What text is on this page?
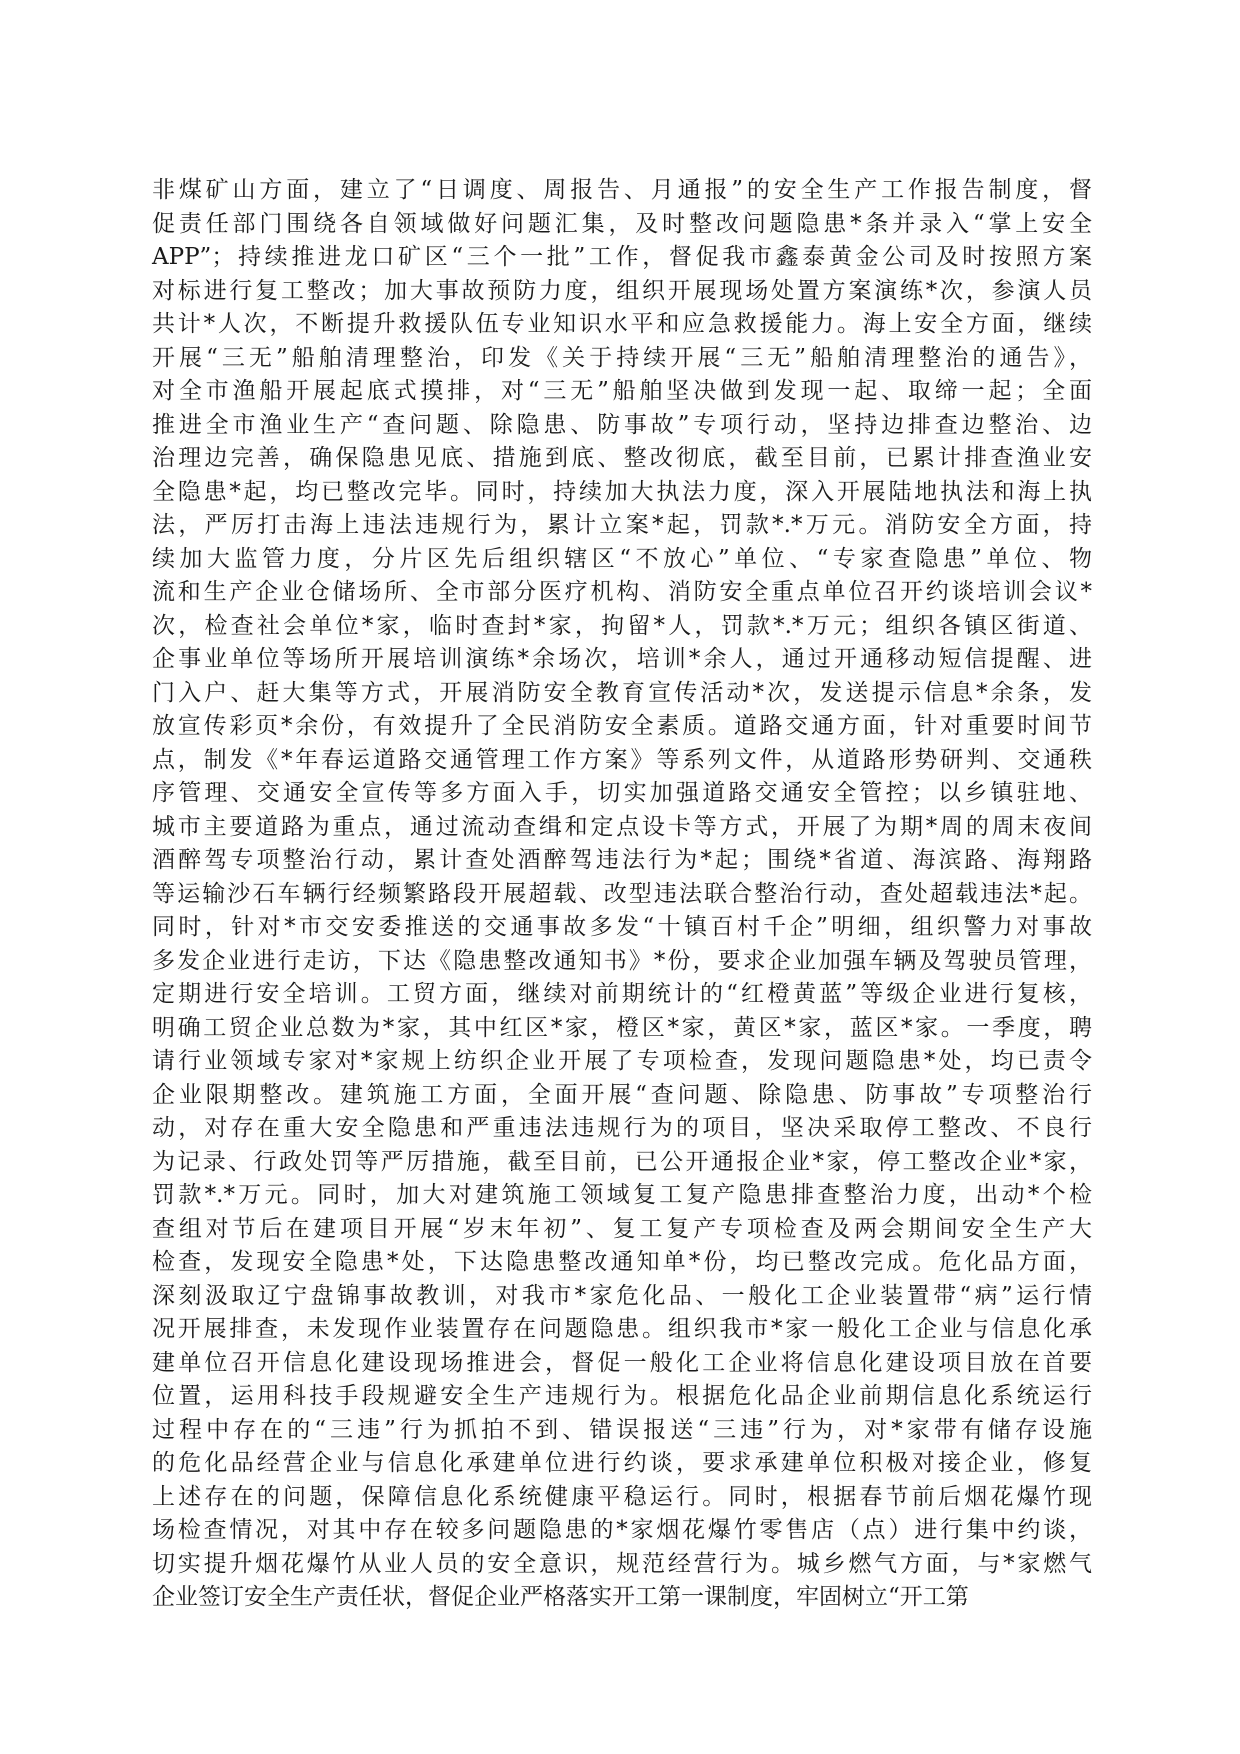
非煤矿山方面，建立了“日调度、周报告、月通报”的安全生产工作报告制度，督
促责任部门围绕各自领域做好问题汇集，及时整改问题隐患*条并录入“掌上安全
APP”；持续推进龙口矿区“三个一批”工作，督促我市鑫泰黄金公司及时按照方案
对标进行复工整改；加大事故预防力度，组织开展现场处置方案演练*次，参演人员
共计*人次，不断提升救援队伍专业知识水平和应急救援能力。海上安全方面，继续
开展“三无”船舶清理整治，印发《关于持续开展“三无”船舶清理整治的通告》，
对全市渔船开展起底式摸排，对“三无”船舶坚决做到发现一起、取缔一起；全面
推进全市渔业生产“查问题、除隐患、防事故”专项行动，坚持边排查边整治、边
治理边完善，确保隐患见底、措施到底、整改彻底，截至目前，已累计排查渔业安
全隐患*起，均已整改完毕。同时，持续加大执法力度，深入开展陆地执法和海上执
法，严厉打击海上违法违规行为，累计立案*起，罚款*.*万元。消防安全方面，持
续加大监管力度，分片区先后组织辖区“不放心”单位、“专家查隐患”单位、物
流和生产企业仓储场所、全市部分医疗机构、消防安全重点单位召开约谈培训会议*
次，检查社会单位*家，临时查封*家，拘留*人，罚款*.*万元；组织各镇区街道、
企事业单位等场所开展培训演练*余场次，培训*余人，通过开通移动短信提醒、进
门入户、赶大集等方式，开展消防安全教育宣传活动*次，发送提示信息*余条，发
放宣传彩页*余份，有效提升了全民消防安全素质。道路交通方面，针对重要时间节
点，制发《*年春运道路交通管理工作方案》等系列文件，从道路形势研判、交通秩
序管理、交通安全宣传等多方面入手，切实加强道路交通安全管控；以乡镇驻地、
城市主要道路为重点，通过流动查缉和定点设卡等方式，开展了为期*周的周末夜间
酒醉驾专项整治行动，累计查处酒醉驾违法行为*起；围绕*省道、海滨路、海翔路
等运输沙石车辆行经频繁路段开展超载、改型违法联合整治行动，查处超载违法*起。
同时，针对*市交安委推送的交通事故多发“十镇百村千企”明细，组织警力对事故
多发企业进行走访，下达《隐患整改通知书》*份，要求企业加强车辆及驾驶员管理，
定期进行安全培训。工贸方面，继续对前期统计的“红橙黄蓝”等级企业进行复核，
明确工贸企业总数为*家，其中红区*家，橙区*家，黄区*家，蓝区*家。一季度，聘
请行业领域专家对*家规上纺织企业开展了专项检查，发现问题隐患*处，均已责令
企业限期整改。建筑施工方面，全面开展“查问题、除隐患、防事故”专项整治行
动，对存在重大安全隐患和严重违法违规行为的项目，坚决采取停工整改、不良行
为记录、行政处罚等严厉措施，截至目前，已公开通报企业*家，停工整改企业*家，
罚款*.*万元。同时，加大对建筑施工领域复工复产隐患排查整治力度，出动*个检
查组对节后在建项目开展“岁末年初”、复工复产专项检查及两会期间安全生产大
检查，发现安全隐患*处，下达隐患整改通知单*份，均已整改完成。危化品方面，
深刻汲取辽宁盘锦事故教训，对我市*家危化品、一般化工企业装置带“病”运行情
况开展排查，未发现作业装置存在问题隐患。组织我市*家一般化工企业与信息化承
建单位召开信息化建设现场推进会，督促一般化工企业将信息化建设项目放在首要
位置，运用科技手段规避安全生产违规行为。根据危化品企业前期信息化系统运行
过程中存在的“三违”行为抓拍不到、错误报送“三违”行为，对*家带有储存设施
的危化品经营企业与信息化承建单位进行约谈，要求承建单位积极对接企业，修复
上述存在的问题，保障信息化系统健康平稳运行。同时，根据春节前后烟花爆竹现
场检查情况，对其中存在较多问题隐患的*家烟花爆竹零售店（点）进行集中约谈，
切实提升烟花爆竹从业人员的安全意识，规范经营行为。城乡燃气方面，与*家燃气
企业签订安全生产责任状，督促企业严格落实开工第一课制度，牢固树立“开工第
